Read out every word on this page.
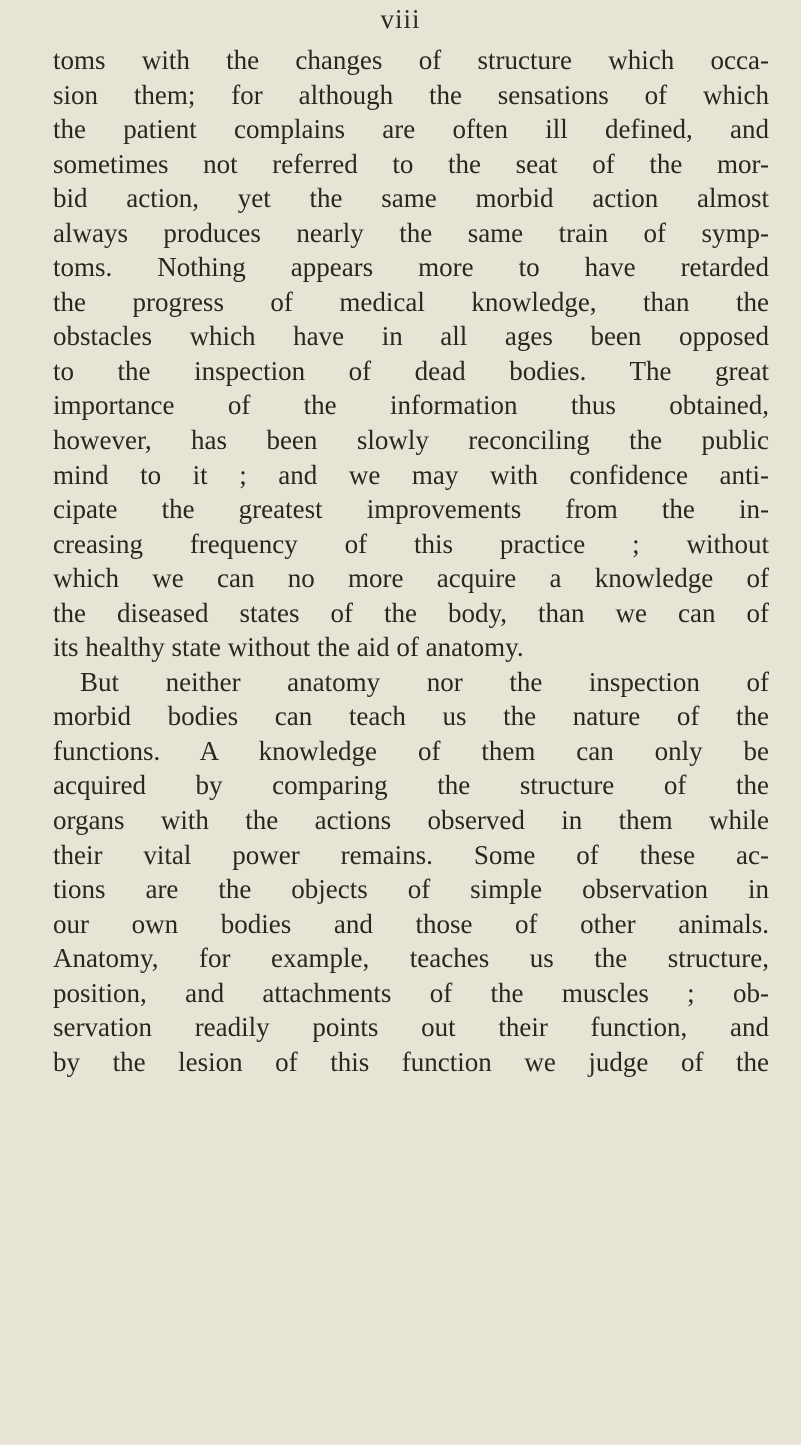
viii
toms with the changes of structure which occa-
sion them; for although the sensations of which
the patient complains are often ill defined, and
sometimes not referred to the seat of the mor-
bid action, yet the same morbid action almost
always produces nearly the same train of symp-
toms. Nothing appears more to have retarded
the progress of medical knowledge, than the
obstacles which have in all ages been opposed
to the inspection of dead bodies. The great
importance of the information thus obtained,
however, has been slowly reconciling the public
mind to it ; and we may with confidence anti-
cipate the greatest improvements from the in-
creasing frequency of this practice ; without
which we can no more acquire a knowledge of
the diseased states of the body, than we can of
its healthy state without the aid of anatomy.
But neither anatomy nor the inspection of
morbid bodies can teach us the nature of the
functions. A knowledge of them can only be
acquired by comparing the structure of the
organs with the actions observed in them while
their vital power remains. Some of these ac-
tions are the objects of simple observation in
our own bodies and those of other animals.
Anatomy, for example, teaches us the structure,
position, and attachments of the muscles ; ob-
servation readily points out their function, and
by the lesion of this function we judge of the
